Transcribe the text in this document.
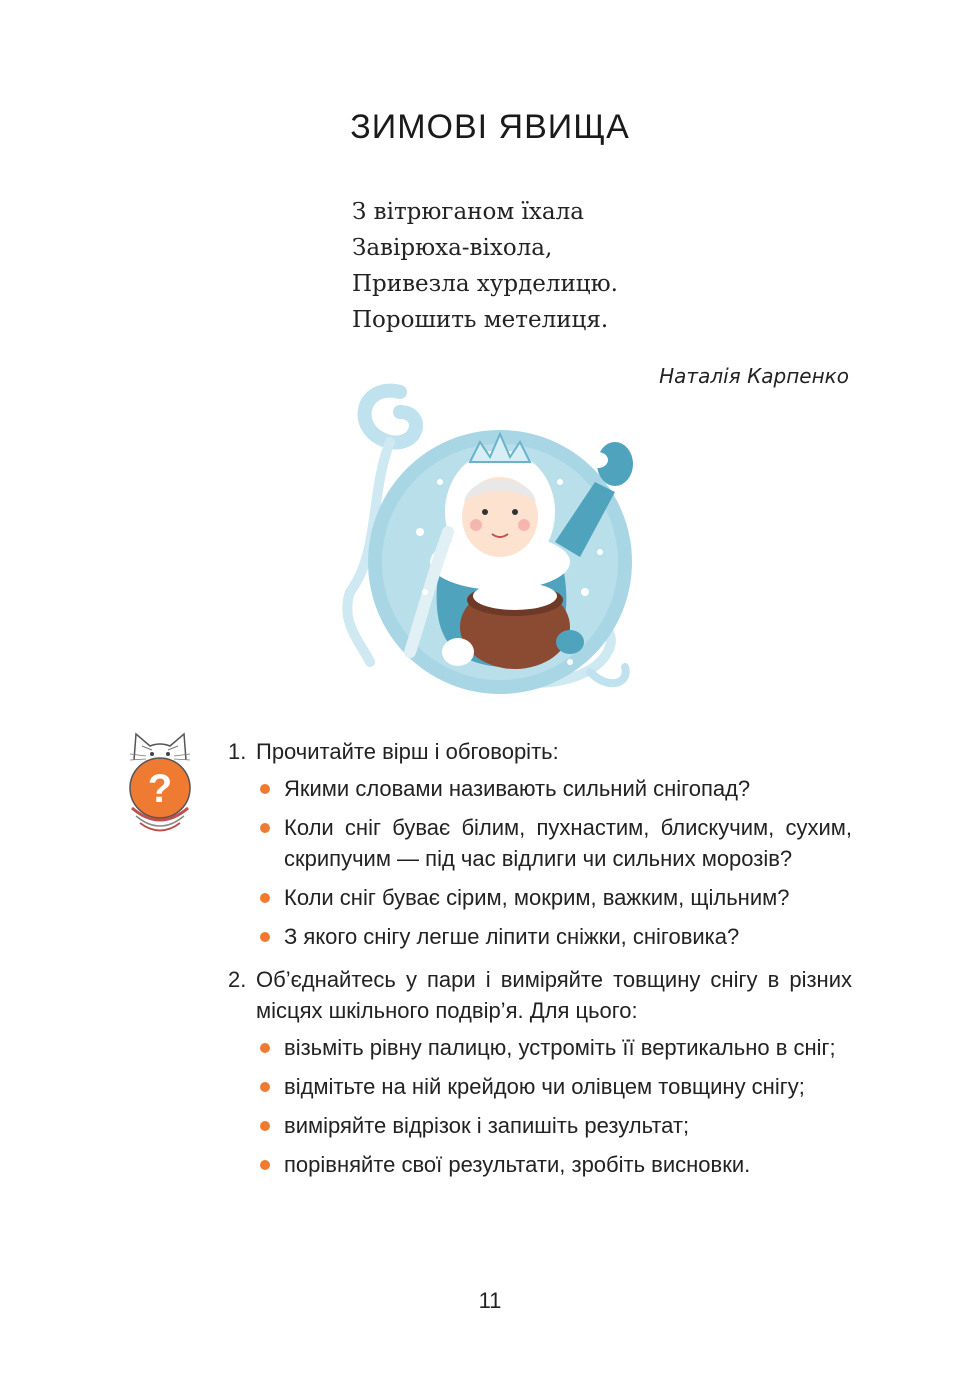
ЗИМОВІ ЯВИЩА
З вітрюганом їхала
Завірюха-віхола,
Привезла хурделицю.
Порошить метелиця.
Наталія Карпенко
?
1. Прочитайте вірш і обговоріть:
Якими словами називають сильний снігопад?
Коли сніг буває білим, пухнастим, блискучим, сухим, скрипучим — під час відлиги чи сильних морозів?
Коли сніг буває сірим, мокрим, важким, щільним?
З якого снігу легше ліпити сніжки, сніговика?
2. Об’єднайтесь у пари і виміряйте товщину снігу в різних місцях шкільного подвір’я. Для цього:
візьміть рівну палицю, устроміть її вертикально в сніг;
відмітьте на ній крейдою чи олівцем товщину снігу;
виміряйте відрізок і запишіть результат;
порівняйте свої результати, зробіть висновки.
11
